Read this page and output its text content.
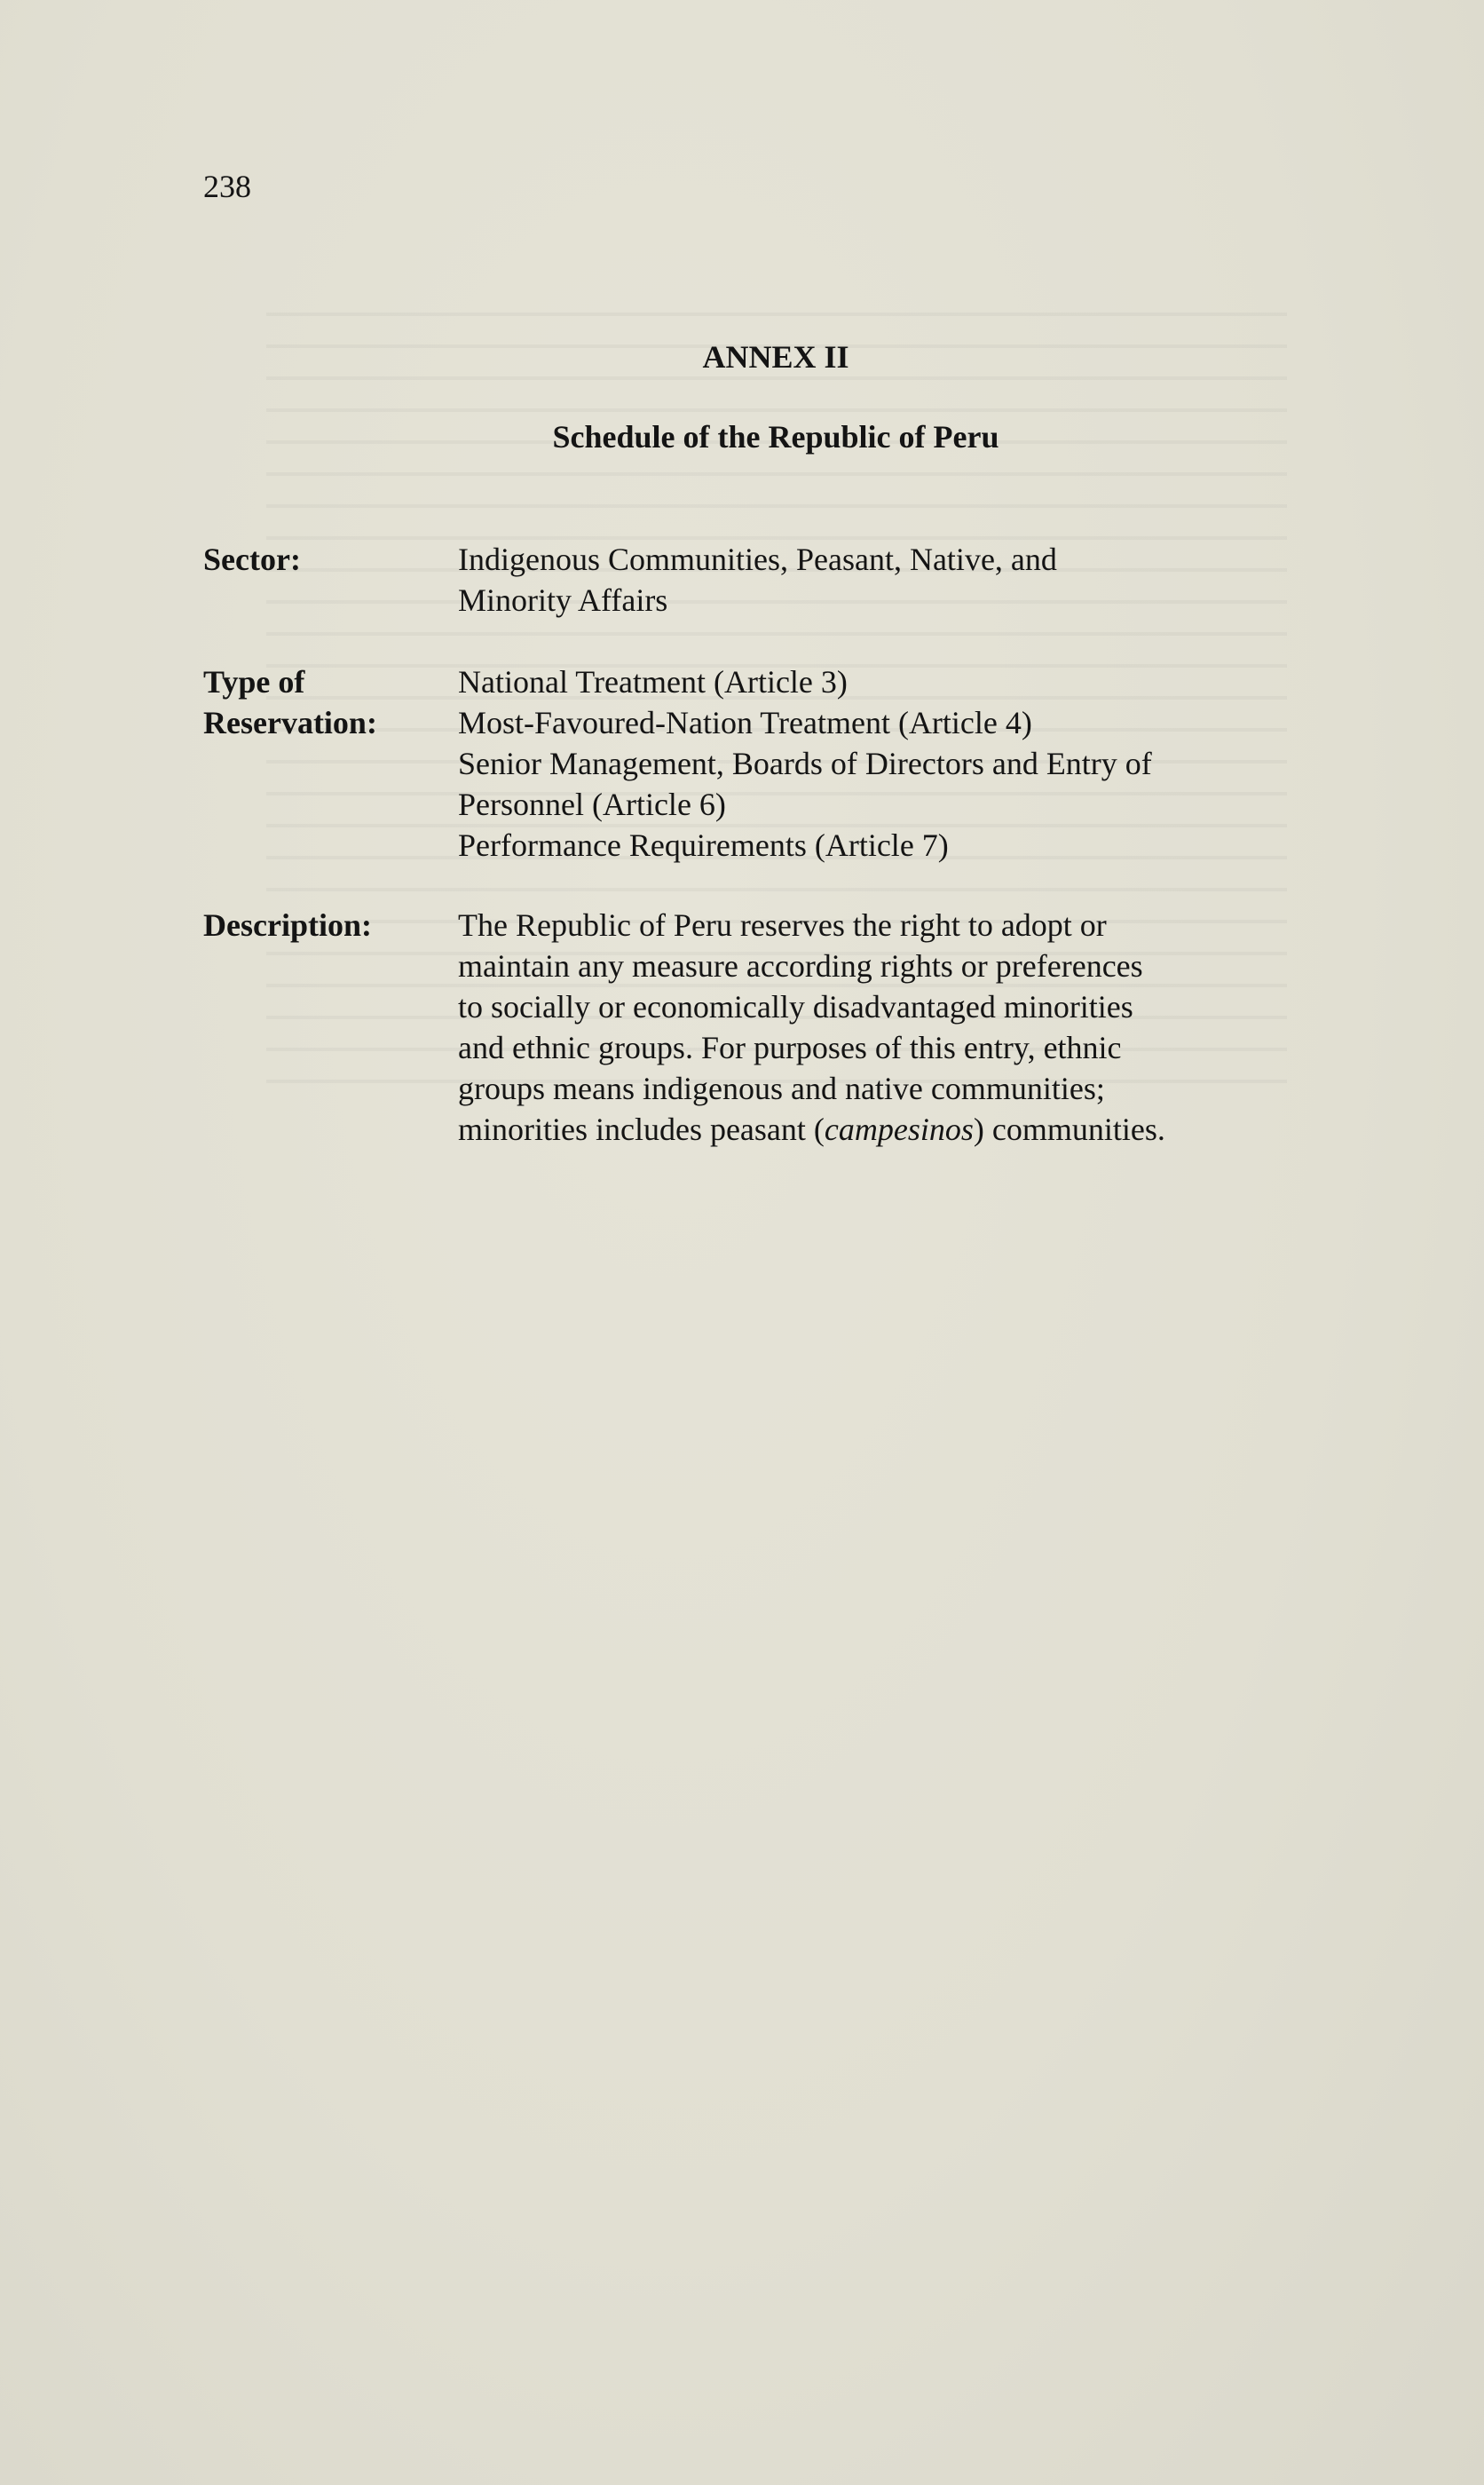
238
ANNEX II
Schedule of the Republic of Peru
Sector:	Indigenous Communities, Peasant, Native, and
Minority Affairs
Type of
Reservation:
National Treatment (Article 3)
Most-Favoured-Nation Treatment (Article 4)
Senior Management, Boards of Directors and Entry of
Personnel (Article 6)
Performance Requirements (Article 7)
Description:	The Republic of Peru reserves the right to adopt or
maintain any measure according rights or preferences
to socially or economically disadvantaged minorities
and ethnic groups. For purposes of this entry, ethnic
groups means indigenous and native communities;
minorities includes peasant (campesinos) communities.
